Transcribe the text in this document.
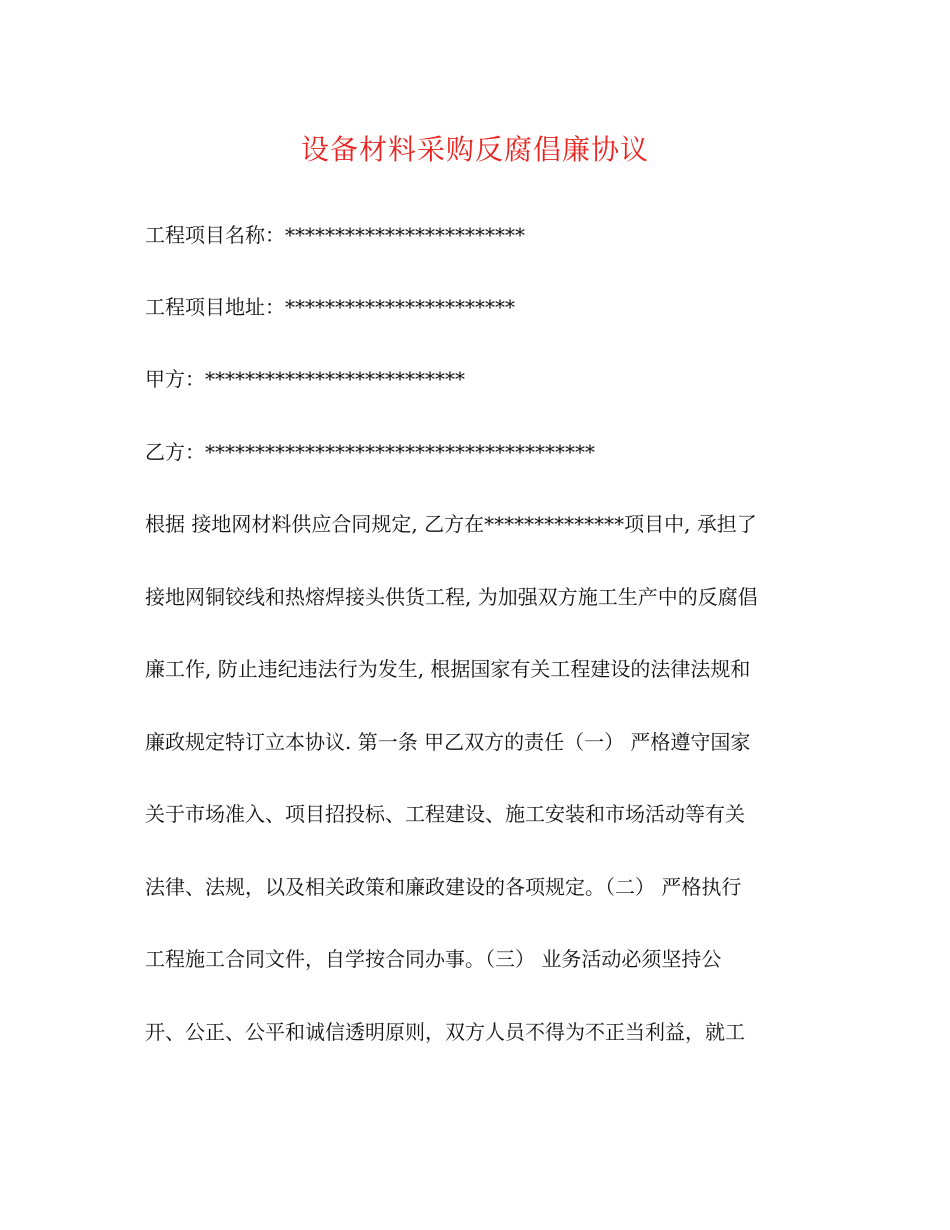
设备材料采购反腐倡廉协议
工程项目名称：************************
工程项目地址：***********************
甲方：**************************
乙方：***************************************
根据 接地网材料供应合同规定, 乙方在**************项目中, 承担了
接地网铜铰线和热熔焊接头供货工程, 为加强双方施工生产中的反腐倡
廉工作, 防止违纪违法行为发生, 根据国家有关工程建设的法律法规和
廉政规定特订立本协议. 第一条 甲乙双方的责任（一） 严格遵守国家
关于市场准入、项目招投标、工程建设、施工安装和市场活动等有关
法律、法规，以及相关政策和廉政建设的各项规定。（二） 严格执行
工程施工合同文件，自学按合同办事。（三） 业务活动必须坚持公
开、公正、公平和诚信透明原则，双方人员不得为不正当利益，就工
